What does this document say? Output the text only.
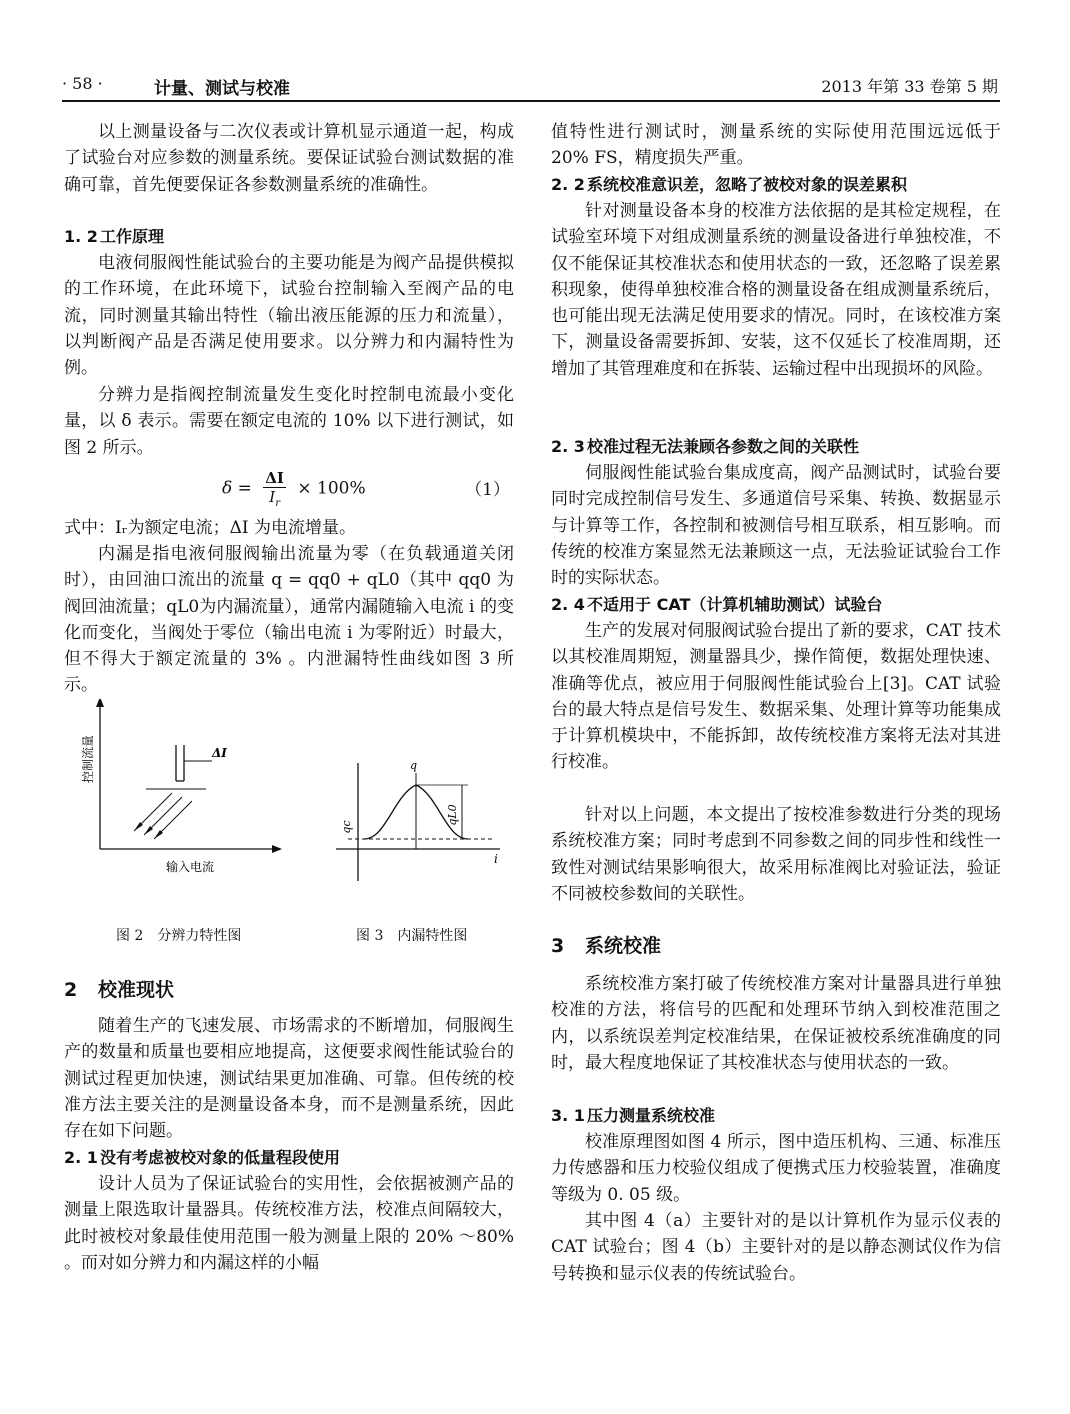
· 58 ·	计量、测试与校准	2013 年第 33 卷第 5 期

以上测量设备与二次仪表或计算机显示通道一起，构成了试验台对应参数的测量系统。要保证试验台测试数据的准确可靠，首先便要保证各参数测量系统的准确性。

1. 2 工作原理

电液伺服阀性能试验台的主要功能是为阀产品提供模拟的工作环境，在此环境下，试验台控制输入至阀产品的电流，同时测量其输出特性（输出液压能源的压力和流量），以判断阀产品是否满足使用要求。以分辨力和内漏特性为例。

分辨力是指阀控制流量发生变化时控制电流最小变化量，以 δ 表示。需要在额定电流的 10% 以下进行测试，如图 2 所示。

$\delta = \frac{\Delta I}{I_r} \times 100\%$	（1）

式中：Iᵣ为额定电流；ΔI 为电流增量。

内漏是指电液伺服阀输出流量为零（在负载通道关闭时），由回油口流出的流量 q = qq0 + qL0（其中 qq0 为阀回油流量；qL0为内漏流量），通常内漏随输入电流 i 的变化而变化，当阀处于零位（输出电流 i 为零附近）时最大，但不得大于额定流量的 3% 。内泄漏特性曲线如图 3 所示。

ΔI
控制流量
输入电流
q
qc
qL0
i
图 2　分辨力特性图	图 3　内漏特性图

2 校准现状

随着生产的飞速发展、市场需求的不断增加，伺服阀生产的数量和质量也要相应地提高，这便要求阀性能试验台的测试过程更加快速，测试结果更加准确、可靠。但传统的校准方法主要关注的是测量设备本身，而不是测量系统，因此存在如下问题。

2. 1 没有考虑被校对象的低量程段使用

设计人员为了保证试验台的实用性，会依据被测产品的测量上限选取计量器具。传统校准方法，校准点间隔较大，此时被校对象最佳使用范围一般为测量上限的 20% ～80% 。而对如分辨力和内漏这样的小幅

值特性进行测试时，测量系统的实际使用范围远远低于 20% FS，精度损失严重。

2. 2 系统校准意识差，忽略了被校对象的误差累积

针对测量设备本身的校准方法依据的是其检定规程，在试验室环境下对组成测量系统的测量设备进行单独校准，不仅不能保证其校准状态和使用状态的一致，还忽略了误差累积现象，使得单独校准合格的测量设备在组成测量系统后，也可能出现无法满足使用要求的情况。同时，在该校准方案下，测量设备需要拆卸、安装，这不仅延长了校准周期，还增加了其管理难度和在拆装、运输过程中出现损坏的风险。

2. 3 校准过程无法兼顾各参数之间的关联性

伺服阀性能试验台集成度高，阀产品测试时，试验台要同时完成控制信号发生、多通道信号采集、转换、数据显示与计算等工作，各控制和被测信号相互联系，相互影响。而传统的校准方案显然无法兼顾这一点，无法验证试验台工作时的实际状态。

2. 4 不适用于 CAT（计算机辅助测试）试验台

生产的发展对伺服阀试验台提出了新的要求，CAT 技术以其校准周期短，测量器具少，操作简便，数据处理快速、准确等优点，被应用于伺服阀性能试验台上[3]。CAT 试验台的最大特点是信号发生、数据采集、处理计算等功能集成于计算机模块中，不能拆卸，故传统校准方案将无法对其进行校准。

针对以上问题，本文提出了按校准参数进行分类的现场系统校准方案；同时考虑到不同参数之间的同步性和线性一致性对测试结果影响很大，故采用标准阀比对验证法，验证不同被校参数间的关联性。

3 系统校准

系统校准方案打破了传统校准方案对计量器具进行单独校准的方法，将信号的匹配和处理环节纳入到校准范围之内，以系统误差判定校准结果，在保证被校系统准确度的同时，最大程度地保证了其校准状态与使用状态的一致。

3. 1 压力测量系统校准

校准原理图如图 4 所示，图中造压机构、三通、标准压力传感器和压力校验仪组成了便携式压力校验装置，准确度等级为 0. 05 级。

其中图 4（a）主要针对的是以计算机作为显示仪表的 CAT 试验台；图 4（b）主要针对的是以静态测试仪作为信号转换和显示仪表的传统试验台。
